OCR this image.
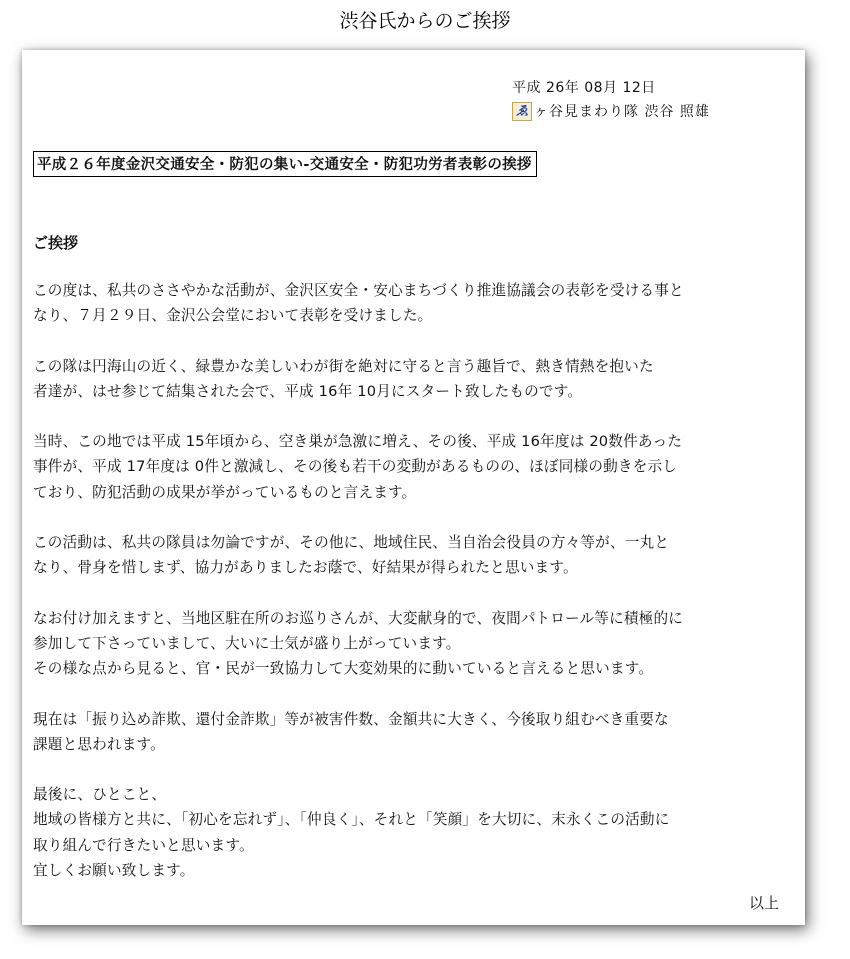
渋谷氏からのご挨拶
平成 26年 08月 12日
ゑ ヶ谷見まわり隊 渋谷 照雄
平成２６年度金沢交通安全・防犯の集い-交通安全・防犯功労者表彰の挨拶
ご挨拶

この度は、私共のささやかな活動が、金沢区安全・安心まちづくり推進協議会の表彰を受ける事と
なり、７月２９日、金沢公会堂において表彰を受けました。

この隊は円海山の近く、緑豊かな美しいわが街を絶対に守ると言う趣旨で、熱き情熱を抱いた
者達が、はせ参じて結集された会で、平成 16年 10月にスタート致したものです。

当時、この地では平成 15年頃から、空き巣が急激に増え、その後、平成 16年度は 20数件あった
事件が、平成 17年度は 0件と激減し、その後も若干の変動があるものの、ほぼ同様の動きを示し
ており、防犯活動の成果が挙がっているものと言えます。

この活動は、私共の隊員は勿論ですが、その他に、地域住民、当自治会役員の方々等が、一丸と
なり、骨身を惜しまず、協力がありましたお蔭で、好結果が得られたと思います。

なお付け加えますと、当地区駐在所のお巡りさんが、大変献身的で、夜間パトロール等に積極的に
参加して下さっていまして、大いに士気が盛り上がっています。
その様な点から見ると、官・民が一致協力して大変効果的に動いていると言えると思います。

現在は「振り込め詐欺、還付金詐欺」等が被害件数、金額共に大きく、今後取り組むべき重要な
課題と思われます。

最後に、ひとこと、
地域の皆様方と共に、「初心を忘れず」、「仲良く」、それと「笑顔」を大切に、末永くこの活動に
取り組んで行きたいと思います。
宜しくお願い致します。

以上
